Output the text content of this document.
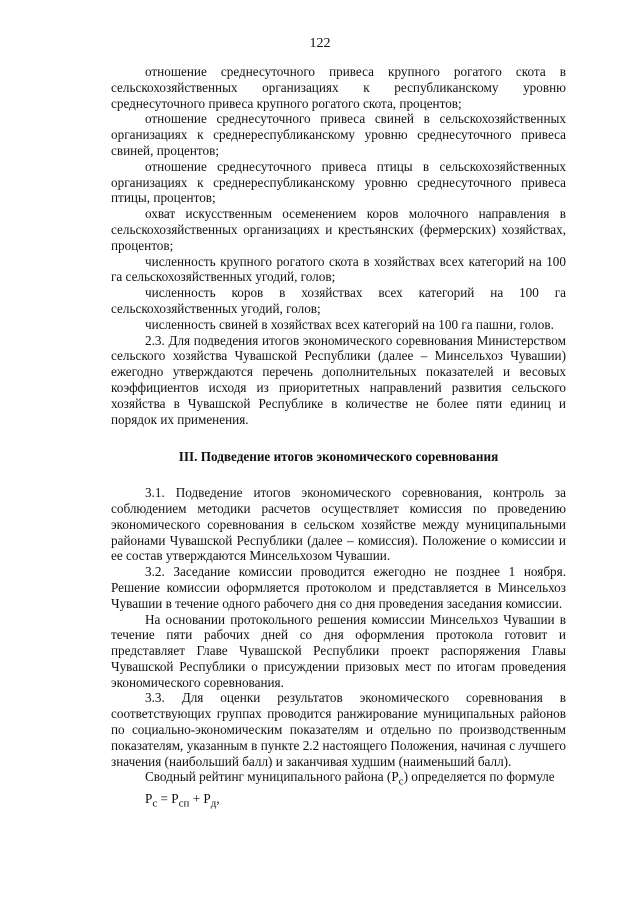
122

отношение среднесуточного привеса крупного рогатого скота в сельскохозяйственных организациях к республиканскому уровню среднесуточного привеса крупного рогатого скота, процентов;

отношение среднесуточного привеса свиней в сельскохозяйственных организациях к среднереспубликанскому уровню среднесуточного привеса свиней, процентов;

отношение среднесуточного привеса птицы в сельскохозяйственных организациях к среднереспубликанскому уровню среднесуточного привеса птицы, процентов;

охват искусственным осеменением коров молочного направления в сельскохозяйственных организациях и крестьянских (фермерских) хозяйствах, процентов;

численность крупного рогатого скота в хозяйствах всех категорий на 100 га сельскохозяйственных угодий, голов;

численность коров в хозяйствах всех категорий на 100 га сельскохозяйственных угодий, голов;

численность свиней в хозяйствах всех категорий на 100 га пашни, голов.

2.3. Для подведения итогов экономического соревнования Министерством сельского хозяйства Чувашской Республики (далее – Минсельхоз Чувашии) ежегодно утверждаются перечень дополнительных показателей и весовых коэффициентов исходя из приоритетных направлений развития сельского хозяйства в Чувашской Республике в количестве не более пяти единиц и порядок их применения.

III. Подведение итогов экономического соревнования

3.1. Подведение итогов экономического соревнования, контроль за соблюдением методики расчетов осуществляет комиссия по проведению экономического соревнования в сельском хозяйстве между муниципальными районами Чувашской Республики (далее – комиссия). Положение о комиссии и ее состав утверждаются Минсельхозом Чувашии.

3.2. Заседание комиссии проводится ежегодно не позднее 1 ноября. Решение комиссии оформляется протоколом и представляется в Минсельхоз Чувашии в течение одного рабочего дня со дня проведения заседания комиссии.

На основании протокольного решения комиссии Минсельхоз Чувашии в течение пяти рабочих дней со дня оформления протокола готовит и представляет Главе Чувашской Республики проект распоряжения Главы Чувашской Республики о присуждении призовых мест по итогам проведения экономического соревнования.

3.3. Для оценки результатов экономического соревнования в соответствующих группах проводится ранжирование муниципальных районов по социально-экономическим показателям и отдельно по производственным показателям, указанным в пункте 2.2 настоящего Положения, начиная с лучшего значения (наибольший балл) и заканчивая худшим (наименьший балл).

Сводный рейтинг муниципального района $(P_c)$ определяется по формуле

$P_c = P_{сп} + P_д$,
